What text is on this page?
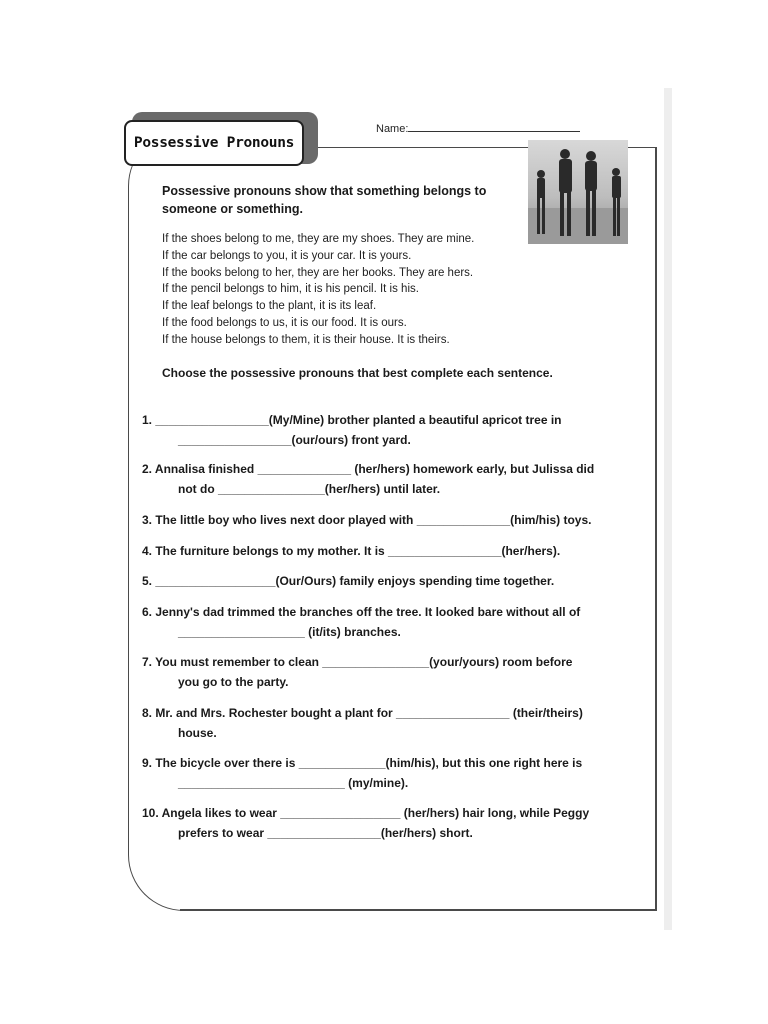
Possessive Pronouns
Name:
Possessive pronouns show that something belongs to someone or something.
If the shoes belong to me, they are my shoes. They are mine.
If the car belongs to you, it is your car. It is yours.
If the books belong to her, they are her books. They are hers.
If the pencil belongs to him, it is his pencil. It is his.
If the leaf belongs to the plant, it is its leaf.
If the food belongs to us, it is our food. It is ours.
If the house belongs to them, it is their house. It is theirs.
Choose the possessive pronouns that best complete each sentence.
1. _________________(My/Mine) brother planted a beautiful apricot tree in
_________________(our/ours) front yard.
2. Annalisa finished ______________ (her/hers) homework early, but Julissa did
not do ________________(her/hers) until later.
3. The little boy who lives next door played with ______________(him/his) toys.
4. The furniture belongs to my mother. It is _________________(her/hers).
5. __________________(Our/Ours) family enjoys spending time together.
6. Jenny's dad trimmed the branches off the tree. It looked bare without all of
___________________ (it/its) branches.
7. You must remember to clean ________________(your/yours) room before
you go to the party.
8. Mr. and Mrs. Rochester bought a plant for _________________ (their/theirs)
house.
9. The bicycle over there is _____________(him/his), but this one right here is
_________________________ (my/mine).
10. Angela likes to wear __________________ (her/hers) hair long, while Peggy
prefers to wear _________________(her/hers) short.
